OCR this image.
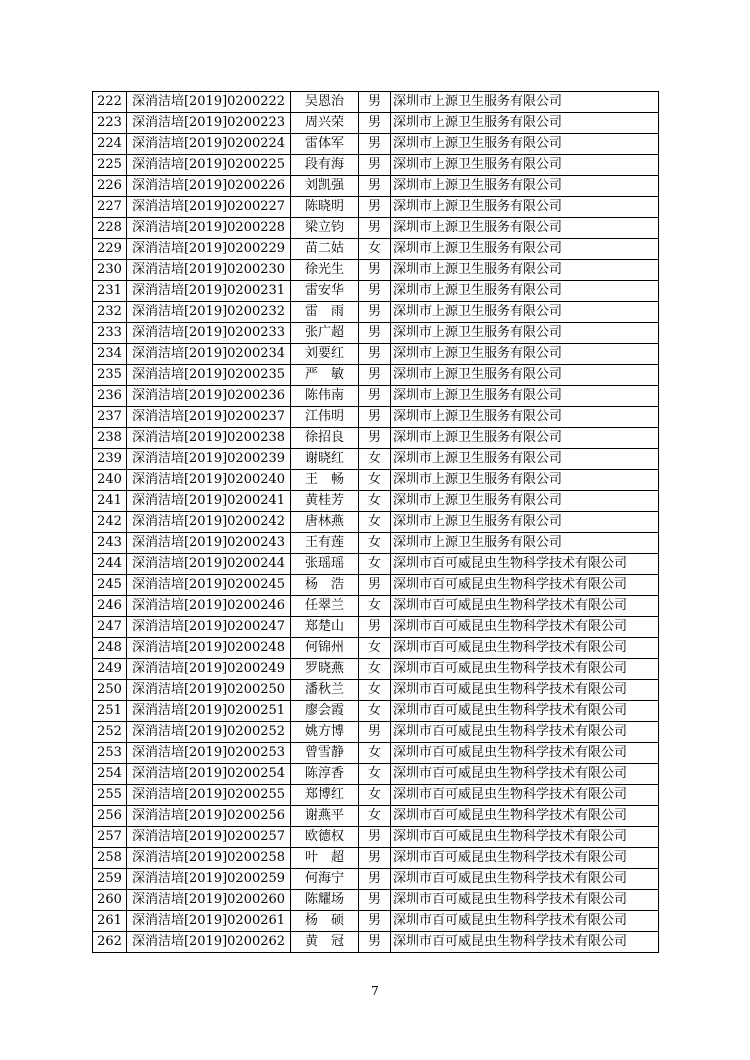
222	深消洁培[2019]0200222	吴恩治	男	深圳市上源卫生服务有限公司
223	深消洁培[2019]0200223	周兴荣	男	深圳市上源卫生服务有限公司
224	深消洁培[2019]0200224	雷体军	男	深圳市上源卫生服务有限公司
225	深消洁培[2019]0200225	段有海	男	深圳市上源卫生服务有限公司
226	深消洁培[2019]0200226	刘凯强	男	深圳市上源卫生服务有限公司
227	深消洁培[2019]0200227	陈晓明	男	深圳市上源卫生服务有限公司
228	深消洁培[2019]0200228	梁立钧	男	深圳市上源卫生服务有限公司
229	深消洁培[2019]0200229	苗二姑	女	深圳市上源卫生服务有限公司
230	深消洁培[2019]0200230	徐光生	男	深圳市上源卫生服务有限公司
231	深消洁培[2019]0200231	雷安华	男	深圳市上源卫生服务有限公司
232	深消洁培[2019]0200232	雷　雨	男	深圳市上源卫生服务有限公司
233	深消洁培[2019]0200233	张广超	男	深圳市上源卫生服务有限公司
234	深消洁培[2019]0200234	刘要红	男	深圳市上源卫生服务有限公司
235	深消洁培[2019]0200235	严　敏	男	深圳市上源卫生服务有限公司
236	深消洁培[2019]0200236	陈伟南	男	深圳市上源卫生服务有限公司
237	深消洁培[2019]0200237	江伟明	男	深圳市上源卫生服务有限公司
238	深消洁培[2019]0200238	徐招良	男	深圳市上源卫生服务有限公司
239	深消洁培[2019]0200239	谢晓红	女	深圳市上源卫生服务有限公司
240	深消洁培[2019]0200240	王　畅	女	深圳市上源卫生服务有限公司
241	深消洁培[2019]0200241	黄桂芳	女	深圳市上源卫生服务有限公司
242	深消洁培[2019]0200242	唐林燕	女	深圳市上源卫生服务有限公司
243	深消洁培[2019]0200243	王有莲	女	深圳市上源卫生服务有限公司
244	深消洁培[2019]0200244	张瑶瑶	女	深圳市百可威昆虫生物科学技术有限公司
245	深消洁培[2019]0200245	杨　浩	男	深圳市百可威昆虫生物科学技术有限公司
246	深消洁培[2019]0200246	任翠兰	女	深圳市百可威昆虫生物科学技术有限公司
247	深消洁培[2019]0200247	郑楚山	男	深圳市百可威昆虫生物科学技术有限公司
248	深消洁培[2019]0200248	何锦州	女	深圳市百可威昆虫生物科学技术有限公司
249	深消洁培[2019]0200249	罗晓燕	女	深圳市百可威昆虫生物科学技术有限公司
250	深消洁培[2019]0200250	潘秋兰	女	深圳市百可威昆虫生物科学技术有限公司
251	深消洁培[2019]0200251	廖会霞	女	深圳市百可威昆虫生物科学技术有限公司
252	深消洁培[2019]0200252	姚方博	男	深圳市百可威昆虫生物科学技术有限公司
253	深消洁培[2019]0200253	曾雪静	女	深圳市百可威昆虫生物科学技术有限公司
254	深消洁培[2019]0200254	陈淳香	女	深圳市百可威昆虫生物科学技术有限公司
255	深消洁培[2019]0200255	郑博红	女	深圳市百可威昆虫生物科学技术有限公司
256	深消洁培[2019]0200256	谢燕平	女	深圳市百可威昆虫生物科学技术有限公司
257	深消洁培[2019]0200257	欧德权	男	深圳市百可威昆虫生物科学技术有限公司
258	深消洁培[2019]0200258	叶　超	男	深圳市百可威昆虫生物科学技术有限公司
259	深消洁培[2019]0200259	何海宁	男	深圳市百可威昆虫生物科学技术有限公司
260	深消洁培[2019]0200260	陈耀场	男	深圳市百可威昆虫生物科学技术有限公司
261	深消洁培[2019]0200261	杨　硕	男	深圳市百可威昆虫生物科学技术有限公司
262	深消洁培[2019]0200262	黄　冠	男	深圳市百可威昆虫生物科学技术有限公司
7
